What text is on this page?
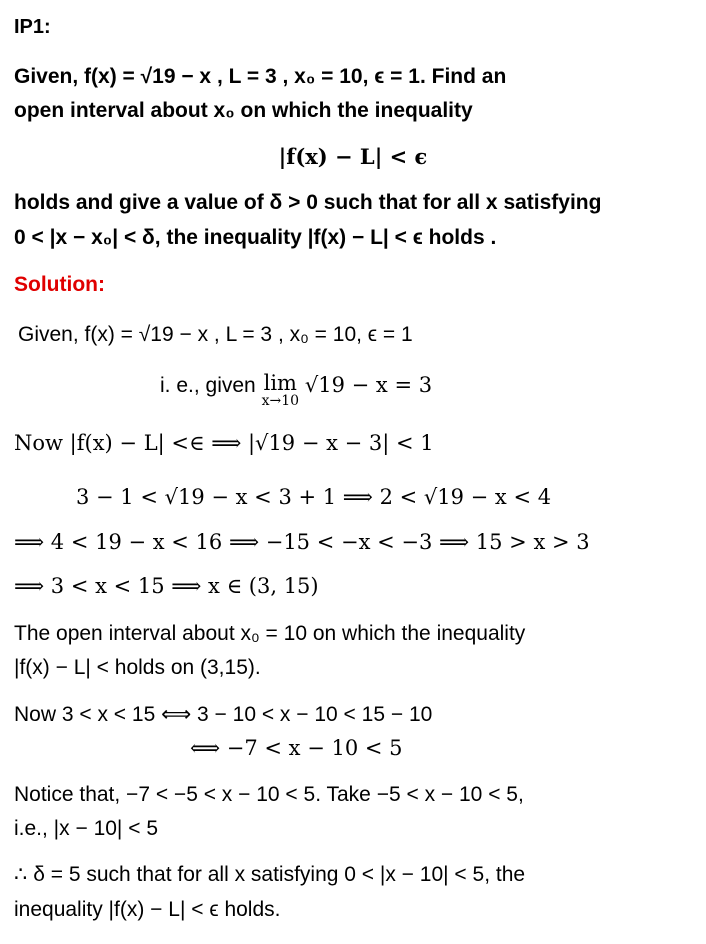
IP1:
Given, f(x) = √19 − x , L = 3 , x₀ = 10, ϵ = 1. Find an
open interval about x₀ on which the inequality
|f(x) − L| < ϵ
holds and give a value of δ > 0 such that for all x satisfying
0 < |x − x₀| < δ, the inequality |f(x) − L| < ϵ holds .
Solution:
Given, f(x) = √19 − x , L = 3 , x₀ = 10, ϵ = 1
i. e., given lim
x→10
√19 − x = 3
Now |f(x) − L| <∈ ⟹ |√19 − x − 3| < 1
3 − 1 < √19 − x < 3 + 1 ⟹ 2 < √19 − x < 4
⟹ 4 < 19 − x < 16 ⟹ −15 < −x < −3 ⟹ 15 > x > 3
⟹ 3 < x < 15 ⟹ x ∈ (3, 15)
The open interval about x₀ = 10 on which the inequality
|f(x) − L| < holds on (3,15).
Now 3 < x < 15 ⟺ 3 − 10 < x − 10 < 15 − 10
⟺ −7 < x − 10 < 5
Notice that, −7 < −5 < x − 10 < 5. Take −5 < x − 10 < 5,
i.e., |x − 10| < 5
∴ δ = 5 such that for all x satisfying 0 < |x − 10| < 5, the
inequality |f(x) − L| < ϵ holds.
